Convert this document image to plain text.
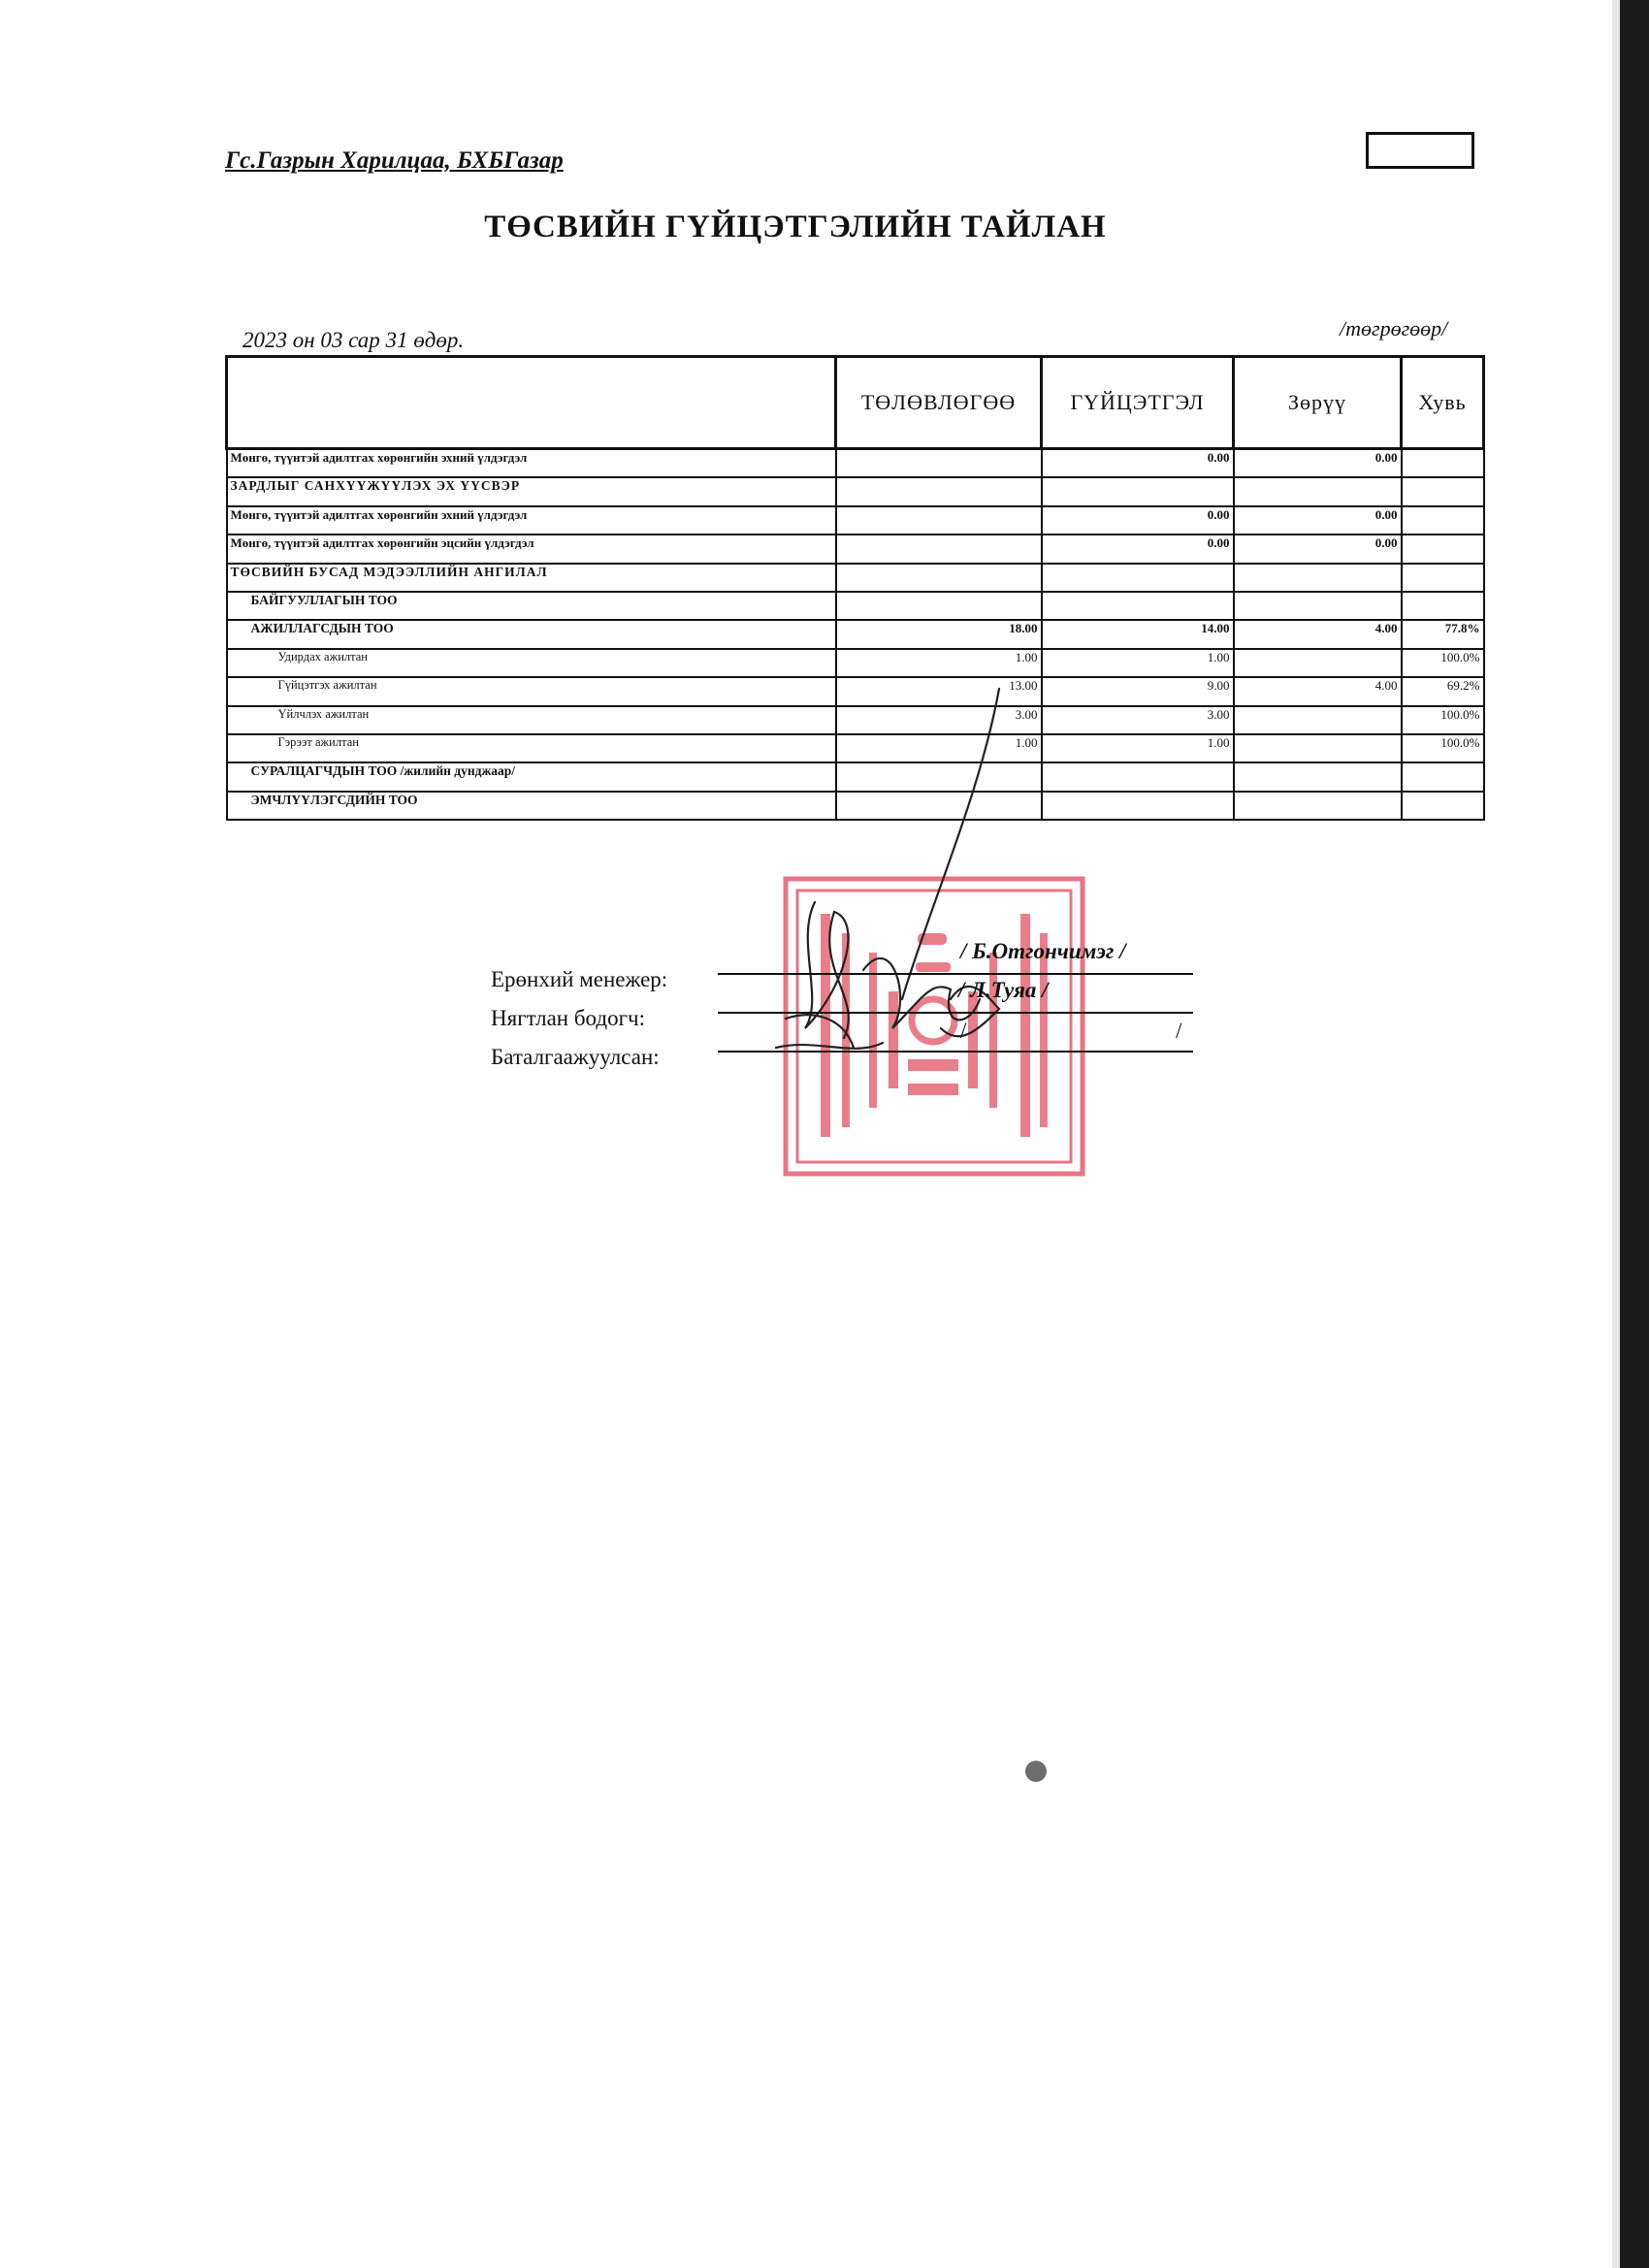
Гс.Газрын Харилцаа, БХБГазар
ТӨСВИЙН ГҮЙЦЭТГЭЛИЙН ТАЙЛАН
2023 он 03 сар 31 өдөр.	/төгрөгөөр/
	ТӨЛӨВЛӨГӨӨ	ГҮЙЦЭТГЭЛ	Зөрүү	Хувь
Мөнгө, түүнтэй адилтгах хөрөнгийн эхний үлдэгдэл		0.00	0.00	
ЗАРДЛЫГ САНХҮҮЖҮҮЛЭХ ЭХ ҮҮСВЭР				
Мөнгө, түүнтэй адилтгах хөрөнгийн эхний үлдэгдэл		0.00	0.00	
Мөнгө, түүнтэй адилтгах хөрөнгийн эцсийн үлдэгдэл		0.00	0.00	
ТӨСВИЙН БУСАД МЭДЭЭЛЛИЙН АНГИЛАЛ				
БАЙГУУЛЛАГЫН ТОО				
АЖИЛЛАГСДЫН ТОО	18.00	14.00	4.00	77.8%
Удирдах ажилтан	1.00	1.00		100.0%
Гүйцэтгэх ажилтан	13.00	9.00	4.00	69.2%
Үйлчлэх ажилтан	3.00	3.00		100.0%
Гэрээт ажилтан	1.00	1.00		100.0%
СУРАЛЦАГЧДЫН ТОО /жилийн дунджаар/				
ЭМЧЛҮҮЛЭГСДИЙН ТОО				
Ерөнхий менежер:
Нягтлан бодогч:
Баталгаажуулсан:
/ Б.Отгончимэг /
/ Л.Туяа /
/ /
